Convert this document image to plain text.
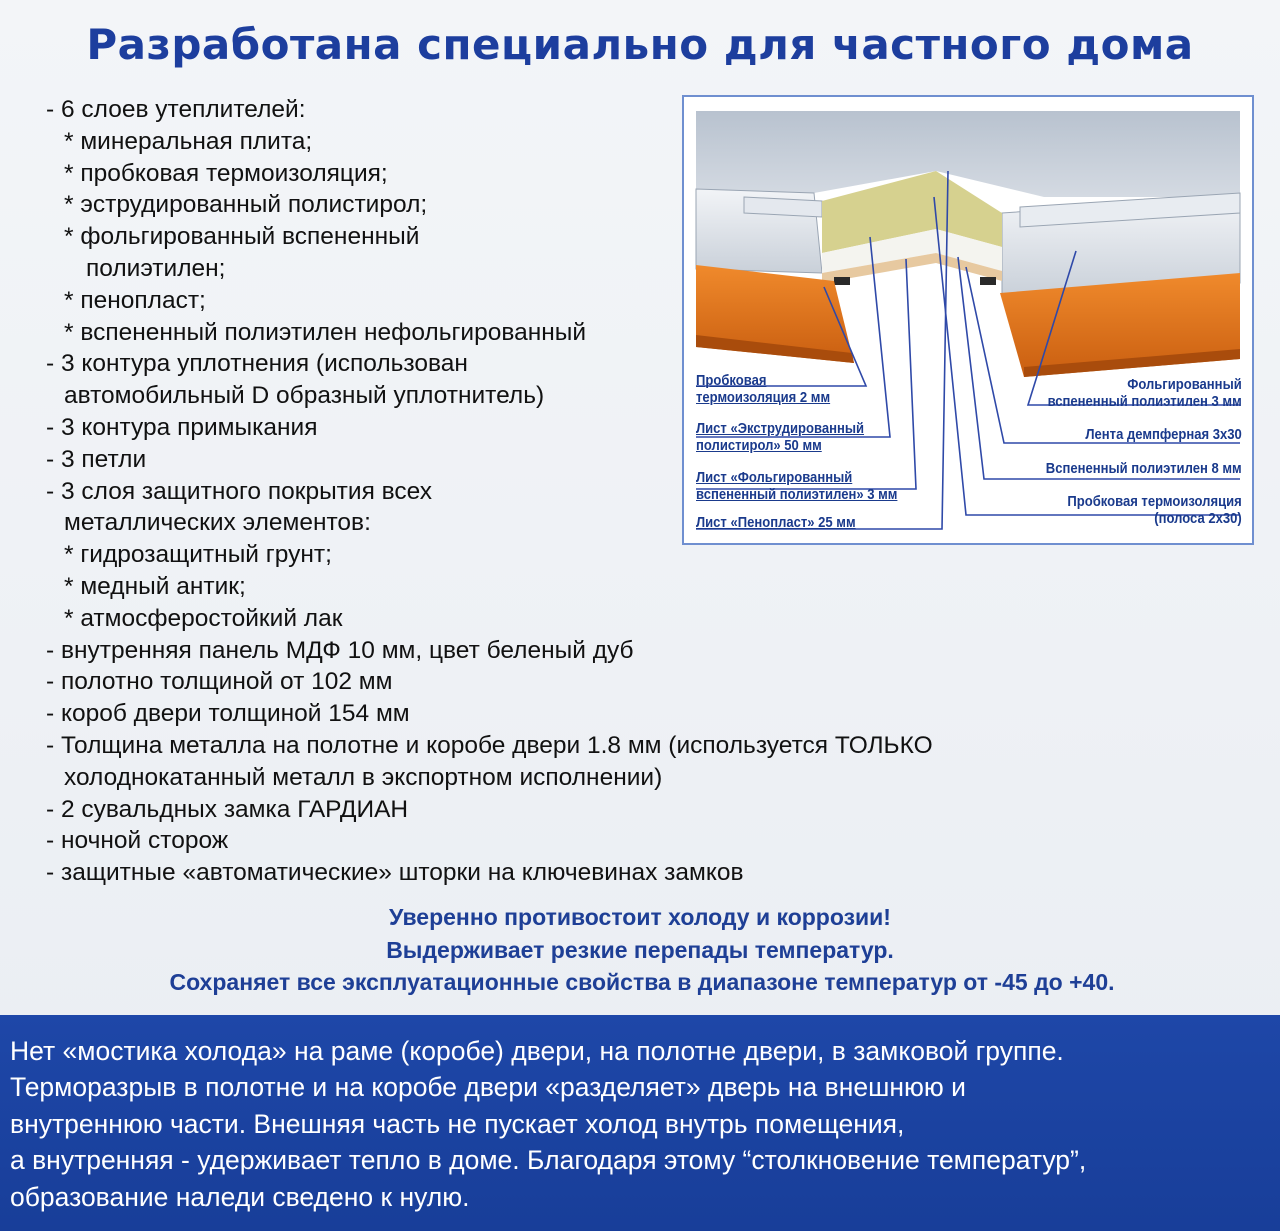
Разработана специально для частного дома
- 6 слоев утеплителей:
* минеральная плита;
* пробковая термоизоляция;
* эструдированный полистирол;
* фольгированный вспененный
полиэтилен;
* пенопласт;
* вспененный полиэтилен нефольгированный
- 3 контура уплотнения (использован
автомобильный D образный уплотнитель)
- 3 контура примыкания
- 3 петли
- 3 слоя защитного покрытия всех
металлических элементов:
* гидрозащитный грунт;
* медный антик;
* атмосферостойкий лак
- внутренняя панель МДФ 10 мм, цвет беленый дуб
- полотно толщиной от 102 мм
- короб двери толщиной 154 мм
- Толщина металла на полотне и коробе двери 1.8 мм (используется ТОЛЬКО
холоднокатанный металл в экспортном исполнении)
- 2 сувальдных замка ГАРДИАН
- ночной сторож
- защитные «автоматические» шторки на ключевинах замков
Пробковая
термоизоляция 2 мм
Лист «Экструдированный
полистирол» 50 мм
Лист «Фольгированный
вспененный полиэтилен» 3 мм
Лист «Пенопласт» 25 мм
Фольгированный
вспененный полиэтилен 3 мм
Лента демпферная 3х30
Вспененный полиэтилен 8 мм
Пробковая термоизоляция
(полоса 2х30)
Уверенно противостоит холоду и коррозии!
Выдерживает резкие перепады температур.
Сохраняет все эксплуатационные свойства в диапазоне температур от -45 до +40.
Нет «мостика холода» на раме (коробе) двери, на полотне двери, в замковой группе.
Терморазрыв в полотне и на коробе двери «разделяет» дверь на внешнюю и
внутреннюю части. Внешняя часть не пускает холод внутрь помещения,
а внутренняя - удерживает тепло в доме. Благодаря этому “столкновение температур”,
образование наледи сведено к нулю.
